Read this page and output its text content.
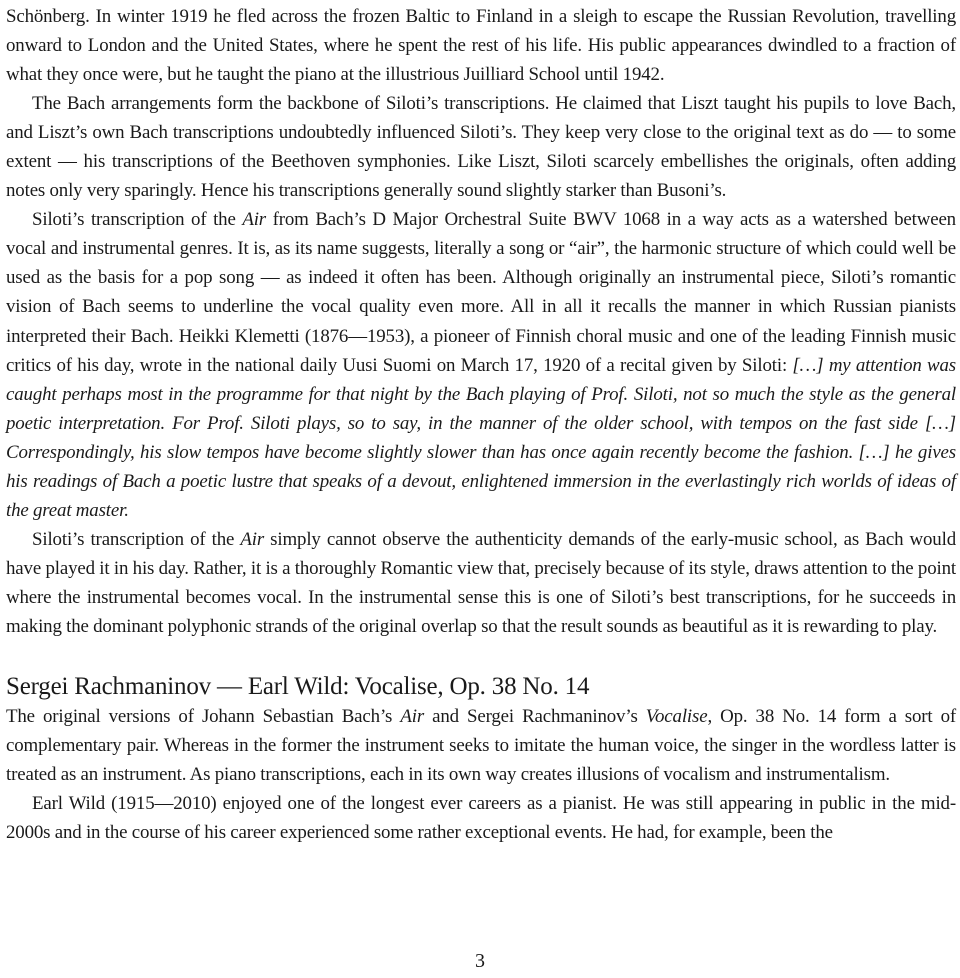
Schönberg. In winter 1919 he fled across the frozen Baltic to Finland in a sleigh to escape the Russian Revolution, travelling onward to London and the United States, where he spent the rest of his life. His public appearances dwindled to a fraction of what they once were, but he taught the piano at the illustrious Juilliard School until 1942.

The Bach arrangements form the backbone of Siloti’s transcriptions. He claimed that Liszt taught his pupils to love Bach, and Liszt’s own Bach transcriptions undoubtedly influenced Siloti’s. They keep very close to the original text as do — to some extent — his transcriptions of the Beethoven symphonies. Like Liszt, Siloti scarcely embellishes the originals, often adding notes only very sparingly. Hence his transcriptions generally sound slightly starker than Busoni’s.

Siloti’s transcription of the Air from Bach’s D Major Orchestral Suite BWV 1068 in a way acts as a watershed between vocal and instrumental genres. It is, as its name suggests, literally a song or “air”, the harmonic structure of which could well be used as the basis for a pop song — as indeed it often has been. Although originally an instrumental piece, Siloti’s romantic vision of Bach seems to underline the vocal quality even more. All in all it recalls the manner in which Russian pianists interpreted their Bach. Heikki Klemetti (1876—1953), a pioneer of Finnish choral music and one of the leading Finnish music critics of his day, wrote in the national daily Uusi Suomi on March 17, 1920 of a recital given by Siloti: […] my attention was caught perhaps most in the programme for that night by the Bach playing of Prof. Siloti, not so much the style as the general poetic interpretation. For Prof. Siloti plays, so to say, in the manner of the older school, with tempos on the fast side […] Correspondingly, his slow tempos have become slightly slower than has once again recently become the fashion. […] he gives his readings of Bach a poetic lustre that speaks of a devout, enlightened immersion in the everlastingly rich worlds of ideas of the great master.

Siloti’s transcription of the Air simply cannot observe the authenticity demands of the early-music school, as Bach would have played it in his day. Rather, it is a thoroughly Romantic view that, precisely because of its style, draws attention to the point where the instrumental becomes vocal. In the instrumental sense this is one of Siloti’s best transcriptions, for he succeeds in making the dominant polyphonic strands of the original overlap so that the result sounds as beautiful as it is rewarding to play.

Sergei Rachmaninov — Earl Wild: Vocalise, Op. 38 No. 14

The original versions of Johann Sebastian Bach’s Air and Sergei Rachmaninov’s Vocalise, Op. 38 No. 14 form a sort of complementary pair. Whereas in the former the instrument seeks to imitate the human voice, the singer in the wordless latter is treated as an instrument. As piano transcriptions, each in its own way creates illusions of vocalism and instrumentalism.

Earl Wild (1915—2010) enjoyed one of the longest ever careers as a pianist. He was still appearing in public in the mid-2000s and in the course of his career experienced some rather exceptional events. He had, for example, been the

3
